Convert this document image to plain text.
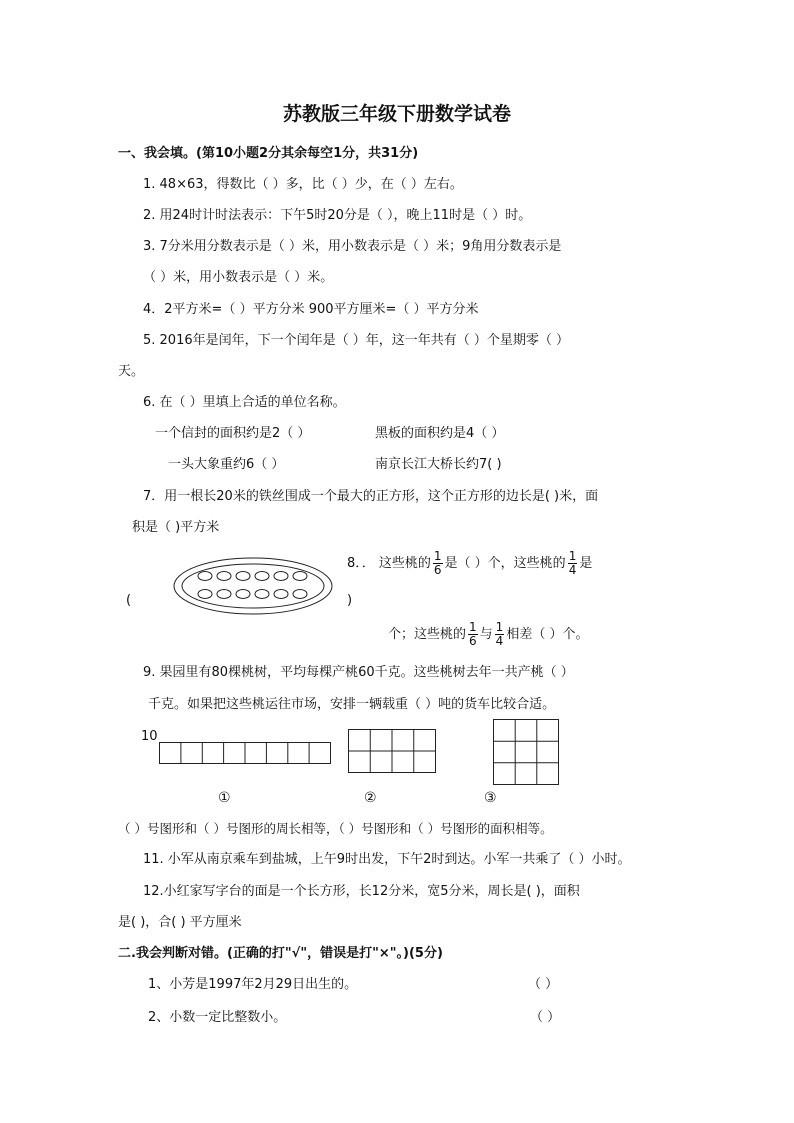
苏教版三年级下册数学试卷
一、我会填。(第10小题2分其余每空1分，共31分)
1. 48×63，得数比（ ）多，比（ ）少，在（ ）左右。
2. 用24时计时法表示：下午5时20分是（ ），晚上11时是（ ）时。
3. 7分米用分数表示是（ ）米，用小数表示是（ ）米；9角用分数表示是
（ ）米，用小数表示是（ ）米。
4．2平方米=（ ）平方分米 900平方厘米=（ ）平方分米
5. 2016年是闰年，下一个闰年是（ ）年，这一年共有（ ）个星期零（ ）
天。
6. 在（ ）里填上合适的单位名称。
一个信封的面积约是2（ ）	黑板的面积约是4（ ）
一头大象重约6（ ）	南京长江大桥长约7( )
7．用一根长20米的铁丝围成一个最大的正方形，这个正方形的边长是( )米，面
积是（ )平方米
(	)
8．． 这些桃的 $\frac{1}{6}$ 是（ ）个，这些桃的 $\frac{1}{4}$ 是
个；这些桃的 $\frac{1}{6}$ 与 $\frac{1}{4}$ 相差（ ）个。
9. 果园里有80棵桃树，平均每棵产桃60千克。这些桃树去年一共产桃（ ）
千克。如果把这些桃运往市场，安排一辆载重（ ）吨的货车比较合适。
10
①	②	③
（ ）号图形和（ ）号图形的周长相等，（ ）号图形和（ ）号图形的面积相等。
11. 小军从南京乘车到盐城，上午9时出发，下午2时到达。小军一共乘了（ ）小时。
12.小红家写字台的面是一个长方形，长12分米，宽5分米，周长是( )，面积
是( )，合( ) 平方厘米
二.我会判断对错。(正确的打"√"，错误是打"×"。)(5分)
1、小芳是1997年2月29日出生的。	（ ）
2、小数一定比整数小。	（ ）
